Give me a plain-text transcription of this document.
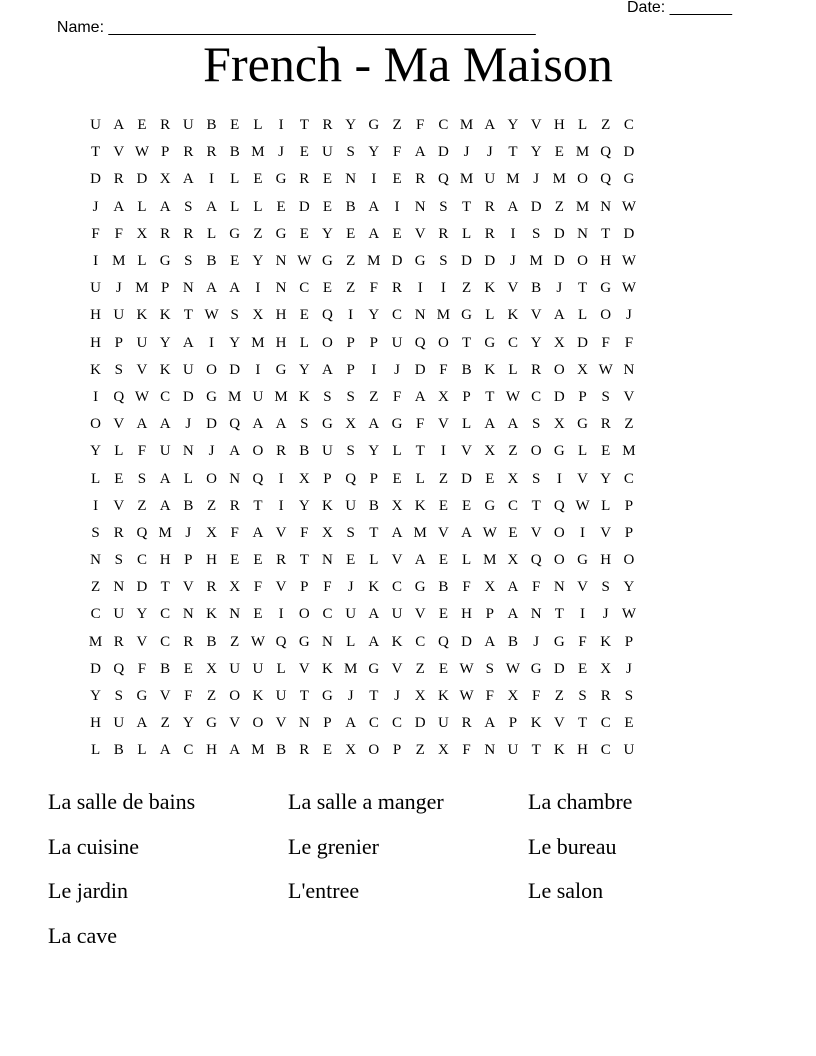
Name: ________________________________________________

Date: _______

French - Ma Maison
U A E R U B E L	I	T R Y G Z F C M A Y V H L Z C
T V W P R R B M J	E U S Y F A D J	J	T Y E M Q D
D R D X A	I	L E G R E N	I	E R Q M U M J M O Q G
J A L A S A L L E D E B A	I	N S T R A D Z M N W
F F X R R L G Z G E Y E A E V R L R	I	S D N T D
I M L G S B E Y N W G Z M D G S D D J M D O H W
U J M P N A A	I	N C E Z F R	I	I	Z K V B	J	T G W
H U K K T W S X H E Q	I	Y C N M G L K V A L O J
H P U Y A	I	Y M H L O P P U Q O T G C Y X D F F
K S V K U O D	I	G Y A P	I	J D F B K L R O X W N
I	Q W C D G M U M K S S Z F A X P T W C D P S V
O V A A J D Q A A S G X A G F V L A A S X G R Z
Y L F U N J A O R B U S Y L T	I	V X Z O G L E M
L E S A L O N Q	I	X P Q P E L Z D E X S	I	V Y C
I	V Z A B Z R T	I	Y K U B X K E E G C T Q W L P
S R Q M J X F A V F X S T A M V A W E V O	I	V P
N S C H P H E E R T N E L V A E L M X Q O G H O
Z N D T V R X F V P F	J K C G B F X A F N V S Y
C U Y C N K N E	I	O C U A U V E H P A N T	I	J W
M R V C R B Z W Q G N L A K C Q D A B	J G F K P
D Q F B E X U U L V K M G V Z E W S W G D E X J
Y S G V F Z O K U T G J	T	J X K W F X F Z S R S
H U A Z Y G V O V N P A C C D U R A P K V T C E
L B L A C H A M B R E X O P Z X F N U T K H C U
La salle de bains	La salle a manger	La chambre
La cuisine	Le grenier	Le bureau
Le jardin	L'entree	Le salon
La cave
